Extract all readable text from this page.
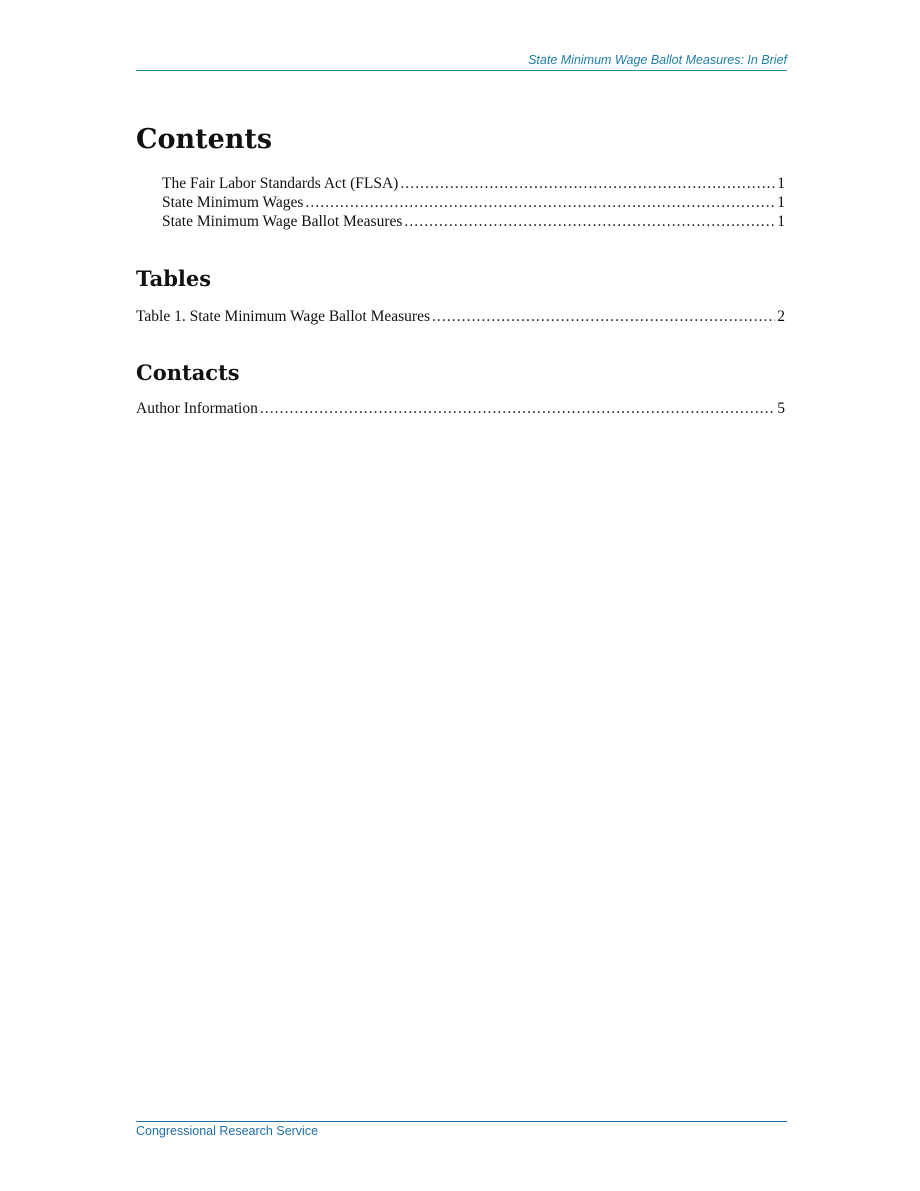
State Minimum Wage Ballot Measures: In Brief
Contents
The Fair Labor Standards Act (FLSA) . . .	1
State Minimum Wages . . .	1
State Minimum Wage Ballot Measures . . .	1
Tables
Table 1. State Minimum Wage Ballot Measures . . .	2
Contacts
Author Information . . .	5
Congressional Research Service
